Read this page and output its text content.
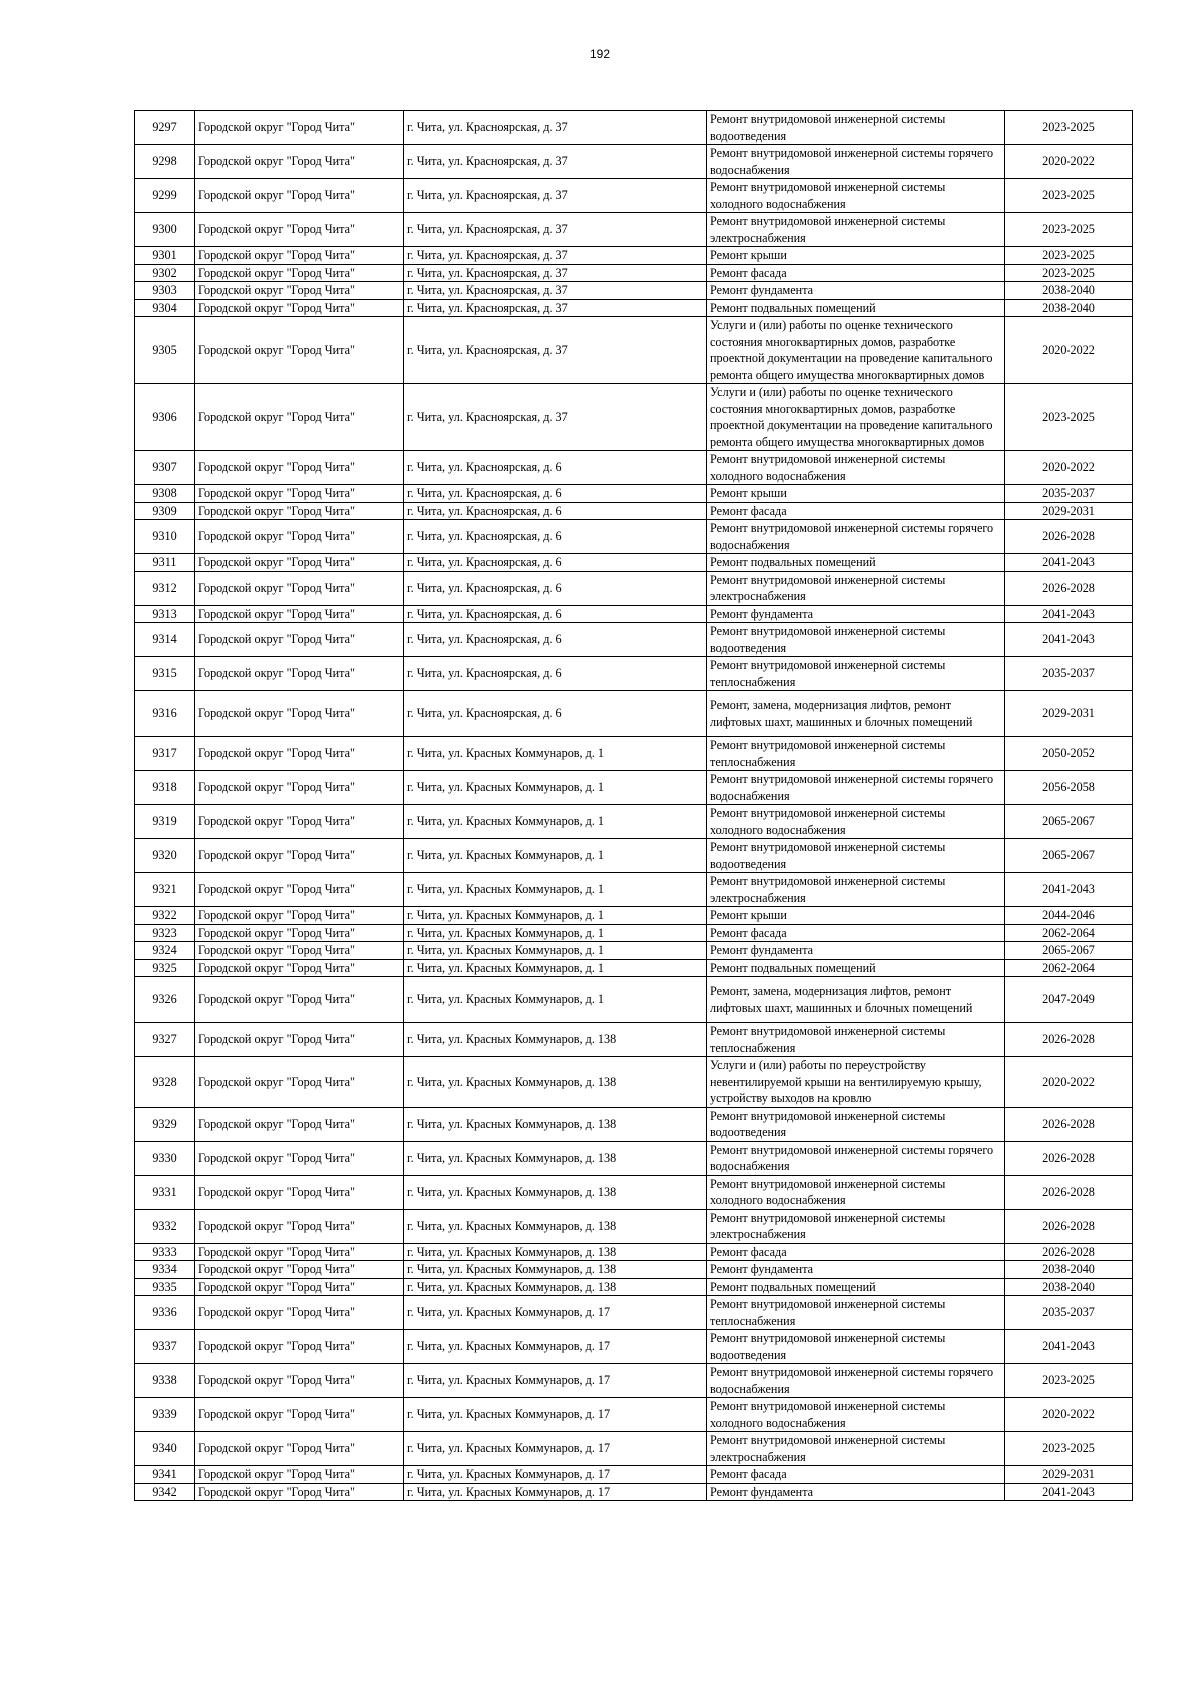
192
9297	Городской округ "Город Чита"	г. Чита, ул. Красноярская, д. 37	Ремонт внутридомовой инженерной системы водоотведения	2023-2025
9298	Городской округ "Город Чита"	г. Чита, ул. Красноярская, д. 37	Ремонт внутридомовой инженерной системы горячего водоснабжения	2020-2022
9299	Городской округ "Город Чита"	г. Чита, ул. Красноярская, д. 37	Ремонт внутридомовой инженерной системы холодного водоснабжения	2023-2025
9300	Городской округ "Город Чита"	г. Чита, ул. Красноярская, д. 37	Ремонт внутридомовой инженерной системы электроснабжения	2023-2025
9301	Городской округ "Город Чита"	г. Чита, ул. Красноярская, д. 37	Ремонт крыши	2023-2025
9302	Городской округ "Город Чита"	г. Чита, ул. Красноярская, д. 37	Ремонт фасада	2023-2025
9303	Городской округ "Город Чита"	г. Чита, ул. Красноярская, д. 37	Ремонт фундамента	2038-2040
9304	Городской округ "Город Чита"	г. Чита, ул. Красноярская, д. 37	Ремонт подвальных помещений	2038-2040
9305	Городской округ "Город Чита"	г. Чита, ул. Красноярская, д. 37	Услуги и (или) работы по оценке технического состояния многоквартирных домов, разработке проектной документации на проведение капитального ремонта общего имущества многоквартирных домов	2020-2022
9306	Городской округ "Город Чита"	г. Чита, ул. Красноярская, д. 37	Услуги и (или) работы по оценке технического состояния многоквартирных домов, разработке проектной документации на проведение капитального ремонта общего имущества многоквартирных домов	2023-2025
9307	Городской округ "Город Чита"	г. Чита, ул. Красноярская, д. 6	Ремонт внутридомовой инженерной системы холодного водоснабжения	2020-2022
9308	Городской округ "Город Чита"	г. Чита, ул. Красноярская, д. 6	Ремонт крыши	2035-2037
9309	Городской округ "Город Чита"	г. Чита, ул. Красноярская, д. 6	Ремонт фасада	2029-2031
9310	Городской округ "Город Чита"	г. Чита, ул. Красноярская, д. 6	Ремонт внутридомовой инженерной системы горячего водоснабжения	2026-2028
9311	Городской округ "Город Чита"	г. Чита, ул. Красноярская, д. 6	Ремонт подвальных помещений	2041-2043
9312	Городской округ "Город Чита"	г. Чита, ул. Красноярская, д. 6	Ремонт внутридомовой инженерной системы электроснабжения	2026-2028
9313	Городской округ "Город Чита"	г. Чита, ул. Красноярская, д. 6	Ремонт фундамента	2041-2043
9314	Городской округ "Город Чита"	г. Чита, ул. Красноярская, д. 6	Ремонт внутридомовой инженерной системы водоотведения	2041-2043
9315	Городской округ "Город Чита"	г. Чита, ул. Красноярская, д. 6	Ремонт внутридомовой инженерной системы теплоснабжения	2035-2037
9316	Городской округ "Город Чита"	г. Чита, ул. Красноярская, д. 6	Ремонт, замена, модернизация лифтов, ремонт лифтовых шахт, машинных и блочных помещений	2029-2031
9317	Городской округ "Город Чита"	г. Чита, ул. Красных Коммунаров, д. 1	Ремонт внутридомовой инженерной системы теплоснабжения	2050-2052
9318	Городской округ "Город Чита"	г. Чита, ул. Красных Коммунаров, д. 1	Ремонт внутридомовой инженерной системы горячего водоснабжения	2056-2058
9319	Городской округ "Город Чита"	г. Чита, ул. Красных Коммунаров, д. 1	Ремонт внутридомовой инженерной системы холодного водоснабжения	2065-2067
9320	Городской округ "Город Чита"	г. Чита, ул. Красных Коммунаров, д. 1	Ремонт внутридомовой инженерной системы водоотведения	2065-2067
9321	Городской округ "Город Чита"	г. Чита, ул. Красных Коммунаров, д. 1	Ремонт внутридомовой инженерной системы электроснабжения	2041-2043
9322	Городской округ "Город Чита"	г. Чита, ул. Красных Коммунаров, д. 1	Ремонт крыши	2044-2046
9323	Городской округ "Город Чита"	г. Чита, ул. Красных Коммунаров, д. 1	Ремонт фасада	2062-2064
9324	Городской округ "Город Чита"	г. Чита, ул. Красных Коммунаров, д. 1	Ремонт фундамента	2065-2067
9325	Городской округ "Город Чита"	г. Чита, ул. Красных Коммунаров, д. 1	Ремонт подвальных помещений	2062-2064
9326	Городской округ "Город Чита"	г. Чита, ул. Красных Коммунаров, д. 1	Ремонт, замена, модернизация лифтов, ремонт лифтовых шахт, машинных и блочных помещений	2047-2049
9327	Городской округ "Город Чита"	г. Чита, ул. Красных Коммунаров, д. 138	Ремонт внутридомовой инженерной системы теплоснабжения	2026-2028
9328	Городской округ "Город Чита"	г. Чита, ул. Красных Коммунаров, д. 138	Услуги и (или) работы по переустройству невентилируемой крыши на вентилируемую крышу, устройству выходов на кровлю	2020-2022
9329	Городской округ "Город Чита"	г. Чита, ул. Красных Коммунаров, д. 138	Ремонт внутридомовой инженерной системы водоотведения	2026-2028
9330	Городской округ "Город Чита"	г. Чита, ул. Красных Коммунаров, д. 138	Ремонт внутридомовой инженерной системы горячего водоснабжения	2026-2028
9331	Городской округ "Город Чита"	г. Чита, ул. Красных Коммунаров, д. 138	Ремонт внутридомовой инженерной системы холодного водоснабжения	2026-2028
9332	Городской округ "Город Чита"	г. Чита, ул. Красных Коммунаров, д. 138	Ремонт внутридомовой инженерной системы электроснабжения	2026-2028
9333	Городской округ "Город Чита"	г. Чита, ул. Красных Коммунаров, д. 138	Ремонт фасада	2026-2028
9334	Городской округ "Город Чита"	г. Чита, ул. Красных Коммунаров, д. 138	Ремонт фундамента	2038-2040
9335	Городской округ "Город Чита"	г. Чита, ул. Красных Коммунаров, д. 138	Ремонт подвальных помещений	2038-2040
9336	Городской округ "Город Чита"	г. Чита, ул. Красных Коммунаров, д. 17	Ремонт внутридомовой инженерной системы теплоснабжения	2035-2037
9337	Городской округ "Город Чита"	г. Чита, ул. Красных Коммунаров, д. 17	Ремонт внутридомовой инженерной системы водоотведения	2041-2043
9338	Городской округ "Город Чита"	г. Чита, ул. Красных Коммунаров, д. 17	Ремонт внутридомовой инженерной системы горячего водоснабжения	2023-2025
9339	Городской округ "Город Чита"	г. Чита, ул. Красных Коммунаров, д. 17	Ремонт внутридомовой инженерной системы холодного водоснабжения	2020-2022
9340	Городской округ "Город Чита"	г. Чита, ул. Красных Коммунаров, д. 17	Ремонт внутридомовой инженерной системы электроснабжения	2023-2025
9341	Городской округ "Город Чита"	г. Чита, ул. Красных Коммунаров, д. 17	Ремонт фасада	2029-2031
9342	Городской округ "Город Чита"	г. Чита, ул. Красных Коммунаров, д. 17	Ремонт фундамента	2041-2043
